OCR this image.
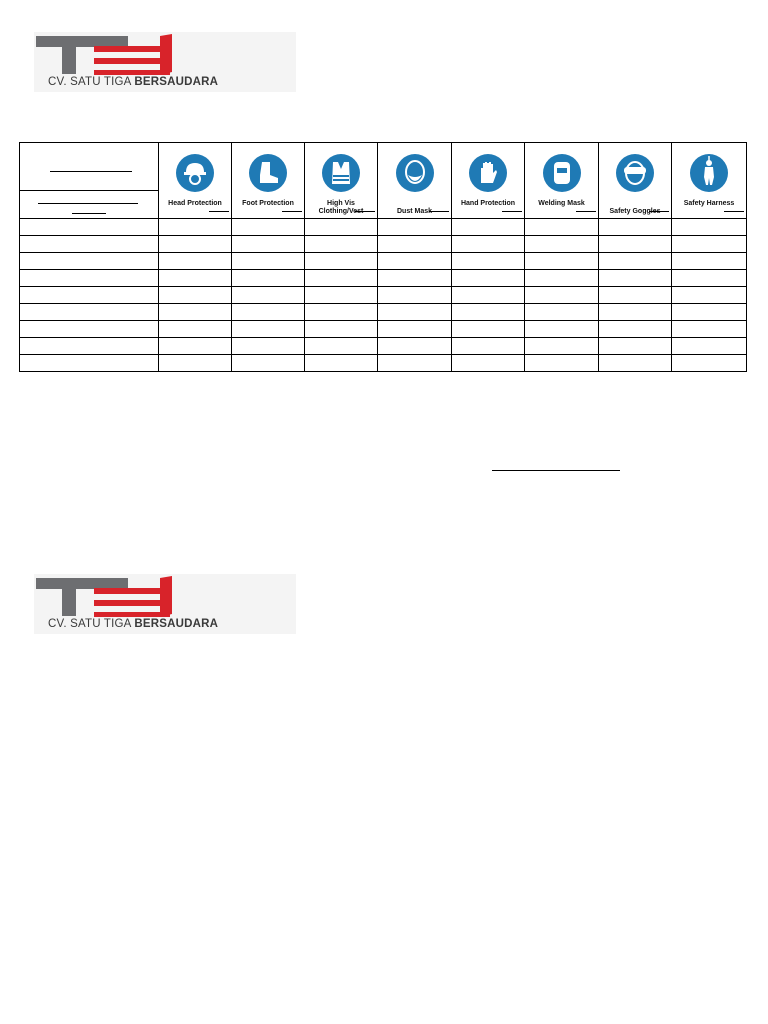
CV. SATU TIGA BERSAUDARA

	Head Protection	Foot Protection	High Vis Clothing/Vest	Dust Mask	Hand Protection	Welding Mask	Safety Goggles	Safety Harness

CV. SATU TIGA BERSAUDARA
